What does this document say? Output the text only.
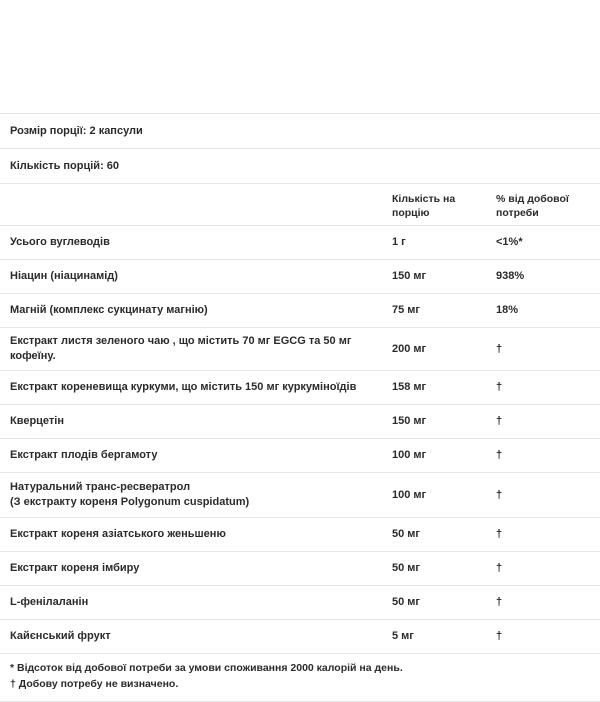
Розмір порції: 2 капсули		
Кількість порцій: 60		
	Кількість на порцію	% від добової потреби
Усього вуглеводів	1 г	<1%*
Ніацин (ніацинамід)	150 мг	938%
Магній (комплекс сукцинату магнію)	75 мг	18%
Екстракт листя зеленого чаю , що містить 70 мг EGCG та 50 мг кофеїну.	200 мг	†
Екстракт кореневища куркуми, що містить 150 мг куркуміноїдів	158 мг	†
Кверцетін	150 мг	†
Екстракт плодів бергамоту	100 мг	†

Натуральний транс-ресвератрол
(З екстракту кореня Polygonum cuspidatum)	100 мг	†
Екстракт кореня азіатського женьшеню	50 мг	†
Екстракт кореня імбиру	50 мг	†
L-фенілаланін	50 мг	†
Кайєнський фрукт	5 мг	†

* Відсоток від добової потреби за умови споживання 2000 калорій на день.
† Добову потребу не визначено.		
